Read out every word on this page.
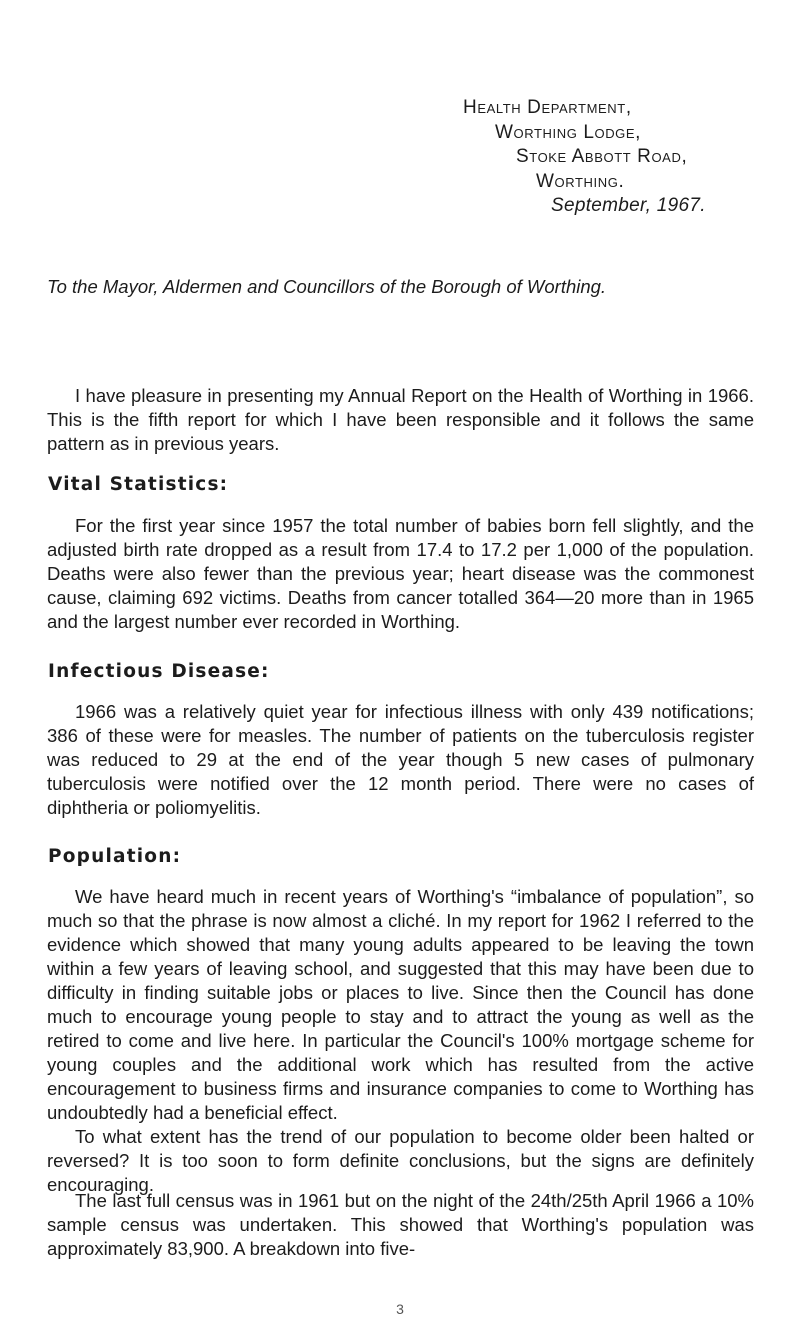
Health Department,
Worthing Lodge,
Stoke Abbott Road,
Worthing.
September, 1967.
To the Mayor, Aldermen and Councillors of the Borough of Worthing.

I have pleasure in presenting my Annual Report on the Health of Worthing in 1966. This is the fifth report for which I have been responsible and it follows the same pattern as in previous years.

Vital Statistics:

For the first year since 1957 the total number of babies born fell slightly, and the adjusted birth rate dropped as a result from 17.4 to 17.2 per 1,000 of the population. Deaths were also fewer than the previous year; heart disease was the commonest cause, claiming 692 victims. Deaths from cancer totalled 364—20 more than in 1965 and the largest number ever recorded in Worthing.

Infectious Disease:

1966 was a relatively quiet year for infectious illness with only 439 notifications; 386 of these were for measles. The number of patients on the tuberculosis register was reduced to 29 at the end of the year though 5 new cases of pulmonary tuberculosis were notified over the 12 month period. There were no cases of diphtheria or poliomyelitis.

Population:

We have heard much in recent years of Worthing's “imbalance of population”, so much so that the phrase is now almost a cliché. In my report for 1962 I referred to the evidence which showed that many young adults appeared to be leaving the town within a few years of leaving school, and suggested that this may have been due to difficulty in finding suitable jobs or places to live. Since then the Council has done much to encourage young people to stay and to attract the young as well as the retired to come and live here. In particular the Council's 100% mortgage scheme for young couples and the additional work which has resulted from the active encouragement to business firms and insurance companies to come to Worthing has undoubtedly had a beneficial effect.

To what extent has the trend of our population to become older been halted or reversed? It is too soon to form definite conclusions, but the signs are definitely encouraging.

The last full census was in 1961 but on the night of the 24th/25th April 1966 a 10% sample census was undertaken. This showed that Worthing's population was approximately 83,900. A breakdown into five-

3
